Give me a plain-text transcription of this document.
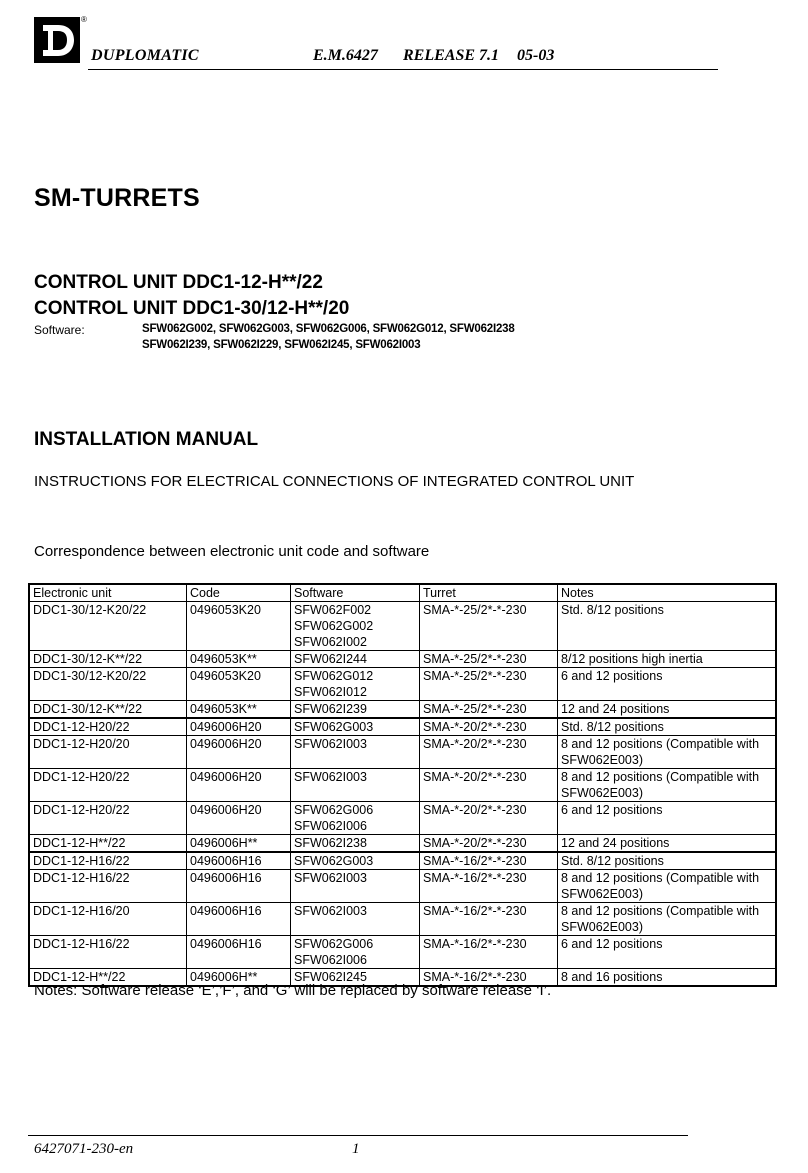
®
DUPLOMATIC	E.M.6427 RELEASE 7.1 05-03
SM-TURRETS
CONTROL UNIT DDC1-12-H**/22
CONTROL UNIT DDC1-30/12-H**/20
Software:	SFW062G002, SFW062G003, SFW062G006, SFW062G012, SFW062I238
SFW062I239, SFW062I229, SFW062I245, SFW062I003
INSTALLATION MANUAL
INSTRUCTIONS FOR ELECTRICAL CONNECTIONS OF INTEGRATED CONTROL UNIT
Correspondence between electronic unit code and software
Electronic unit	Code	Software	Turret	Notes
DDC1-30/12-K20/22	0496053K20	SFW062F002
SFW062G002
SFW062I002
SMA-*-25/2*-*-230	Std. 8/12 positions
DDC1-30/12-K**/22	0496053K**	SFW062I244	SMA-*-25/2*-*-230	8/12 positions high inertia
DDC1-30/12-K20/22	0496053K20	SFW062G012
SFW062I012
SMA-*-25/2*-*-230	6 and 12 positions
DDC1-30/12-K**/22	0496053K**	SFW062I239	SMA-*-25/2*-*-230	12 and 24 positions
DDC1-12-H20/22	0496006H20	SFW062G003	SMA-*-20/2*-*-230	Std. 8/12 positions
DDC1-12-H20/20	0496006H20	SFW062I003	SMA-*-20/2*-*-230	8 and 12 positions (Compatible with
SFW062E003)
DDC1-12-H20/22	0496006H20	SFW062I003	SMA-*-20/2*-*-230	8 and 12 positions (Compatible with
SFW062E003)
DDC1-12-H20/22	0496006H20	SFW062G006
SFW062I006
SMA-*-20/2*-*-230	6 and 12 positions
DDC1-12-H**/22	0496006H**	SFW062I238	SMA-*-20/2*-*-230	12 and 24 positions
DDC1-12-H16/22	0496006H16	SFW062G003	SMA-*-16/2*-*-230	Std. 8/12 positions
DDC1-12-H16/22	0496006H16	SFW062I003	SMA-*-16/2*-*-230	8 and 12 positions (Compatible with
SFW062E003)
DDC1-12-H16/20	0496006H16	SFW062I003	SMA-*-16/2*-*-230	8 and 12 positions (Compatible with
SFW062E003)
DDC1-12-H16/22	0496006H16	SFW062G006
SFW062I006
SMA-*-16/2*-*-230	6 and 12 positions
DDC1-12-H**/22	0496006H**	SFW062I245	SMA-*-16/2*-*-230	8 and 16 positions
Notes: Software release ‘E’,’F’, and ‘G’ will be replaced by software release ‘I’.
6427071-230-en	1
